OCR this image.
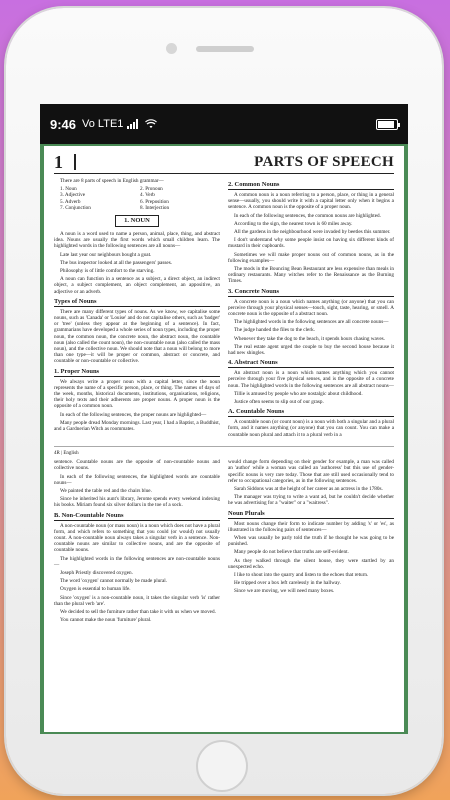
9:46 Vo LTE1
1	PARTS OF SPEECH

There are 8 parts of speech in English grammar—

1. Noun	2. Pronoun
3. Adjective	4. Verb
5. Adverb	6. Preposition
7. Conjunction	8. Interjection
1. NOUN

A noun is a word used to name a person, animal, place, thing, and abstract idea. Nouns are usually the first words which small children learn. The highlighted words in the following sentences are all nouns—

Late last year our neighbours bought a goat.

The bus inspector looked at all the passengers' passes.

Philosophy is of little comfort to the starving.

A noun can function in a sentence as a subject, a direct object, an indirect object, a subject complement, an object complement, an appositive, an adjective or an adverb.

Types of Nouns

There are many different types of nouns. As we know, we capitalise some nouns, such as 'Canada' or 'Louise' and do not capitalise others, such as 'badger' or 'tree' (unless they appear at the beginning of a sentence). In fact, grammarians have developed a whole series of noun types, including the proper noun, the common noun, the concrete noun, the abstract noun, the countable noun (also called the count noun), the non-countable noun (also called the mass noun), and the collective noun. We should note that a noun will belong to more than one type—it will be proper or common, abstract or concrete, and countable or non-countable or collective.

1. Proper Nouns

We always write a proper noun with a capital letter, since the noun represents the name of a specific person, place, or thing. The names of days of the week, months, historical documents, institutions, organisations, religions, their holy texts and their adherents are proper nouns. A proper noun is the opposite of a common noun.

In each of the following sentences, the proper nouns are highlighted—

Many people dread Monday mornings. Last year, I had a Baptist, a Buddhist, and a Gardnerian Witch as roommates.

2. Common Nouns

A common noun is a noun referring to a person, place, or thing in a general sense—usually, you should write it with a capital letter only when it begins a sentence. A common noun is the opposite of a proper noun.

In each of the following sentences, the common nouns are highlighted.

According to the sign, the nearest town is 60 miles away.

All the gardens in the neighbourhood were invaded by beetles this summer.

I don't understand why some people insist on having six different kinds of mustard in their cupboards.

Sometimes we will make proper nouns out of common nouns, as in the following examples—

The mods in the Bouncing Bean Restaurant are less expensive than meals in ordinary restaurants. Many witches refer to the Renaissance as the Burning Times.

3. Concrete Nouns

A concrete noun is a noun which names anything (or anyone) that you can perceive through your physical senses—touch, sight, taste, hearing, or smell. A concrete noun is the opposite of a abstract noun.

The highlighted words in the following sentences are all concrete nouns—

The judge handed the files to the clerk.

Whenever they take the dog to the beach, it spends hours chasing waves.

The real estate agent urged the couple to buy the second house because it had new shingles.

4. Abstract Nouns

An abstract noun is a noun which names anything which you cannot perceive through your five physical senses, and is the opposite of a concrete noun. The highlighted words in the following sentences are all abstract nouns—

Tillie is amused by people who are nostalgic about childhood.

Justice often seems to slip out of our grasp.

A. Countable Nouns

A countable noun (or count noun) is a noun with both a singular and a plural form, and it names anything (or anyone) that you can count. You can make a countable noun plural and attach it to a plural verb in a

4R | English

sentence. Countable nouns are the opposite of non-countable nouns and collective nouns.

In each of the following sentences, the highlighted words are countable nouns—

We painted the table red and the chairs blue.

Since he inherited his aunt's library, Jerome spends every weekend indexing his books. Miriam found six silver dollars in the toe of a sock.

B. Non-Countable Nouns

A non-countable noun (or mass noun) is a noun which does not have a plural form, and which refers to something that you could (or would) not usually count. A non-countable noun always takes a singular verb in a sentence. Non-countable nouns are similar to collective nouns, and are the opposite of countable nouns.

The highlighted words in the following sentences are non-countable nouns—

Joseph Priestly discovered oxygen.

The word 'oxygen' cannot normally be made plural.

Oxygen is essential to human life.

Since 'oxygen' is a non-countable noun, it takes the singular verb 'is' rather than the plural verb 'are'.

We decided to sell the furniture rather than take it with us when we moved.

You cannot make the noun 'furniture' plural.

would change form depending on their gender for example, a man was called an 'author' while a woman was called an 'authoress' but this use of gender-specific nouns is very rare today. Those that are still used occasionally tend to refer to occupational categories, as in the following sentences.

Sarah Siddons was at the height of her career as an actress in the 1780s.

The manager was trying to write a want ad, but he couldn't decide whether he was advertising for a "waiter" or a "waitress".

Noun Plurals

Most nouns change their form to indicate number by adding 's' or 'es', as illustrated in the following pairs of sentences—

When was usually be parly told the truth if he thought he was going to be punished.

Many people do not believe that truths are self-evident.

As they walked through the silent house, they were startled by an unexpected echo.

I like to shout into the quarry and listen to the echoes that return.

He tripped over a box left carelessly in the hallway.

Since we are moving, we will need many boxes.
